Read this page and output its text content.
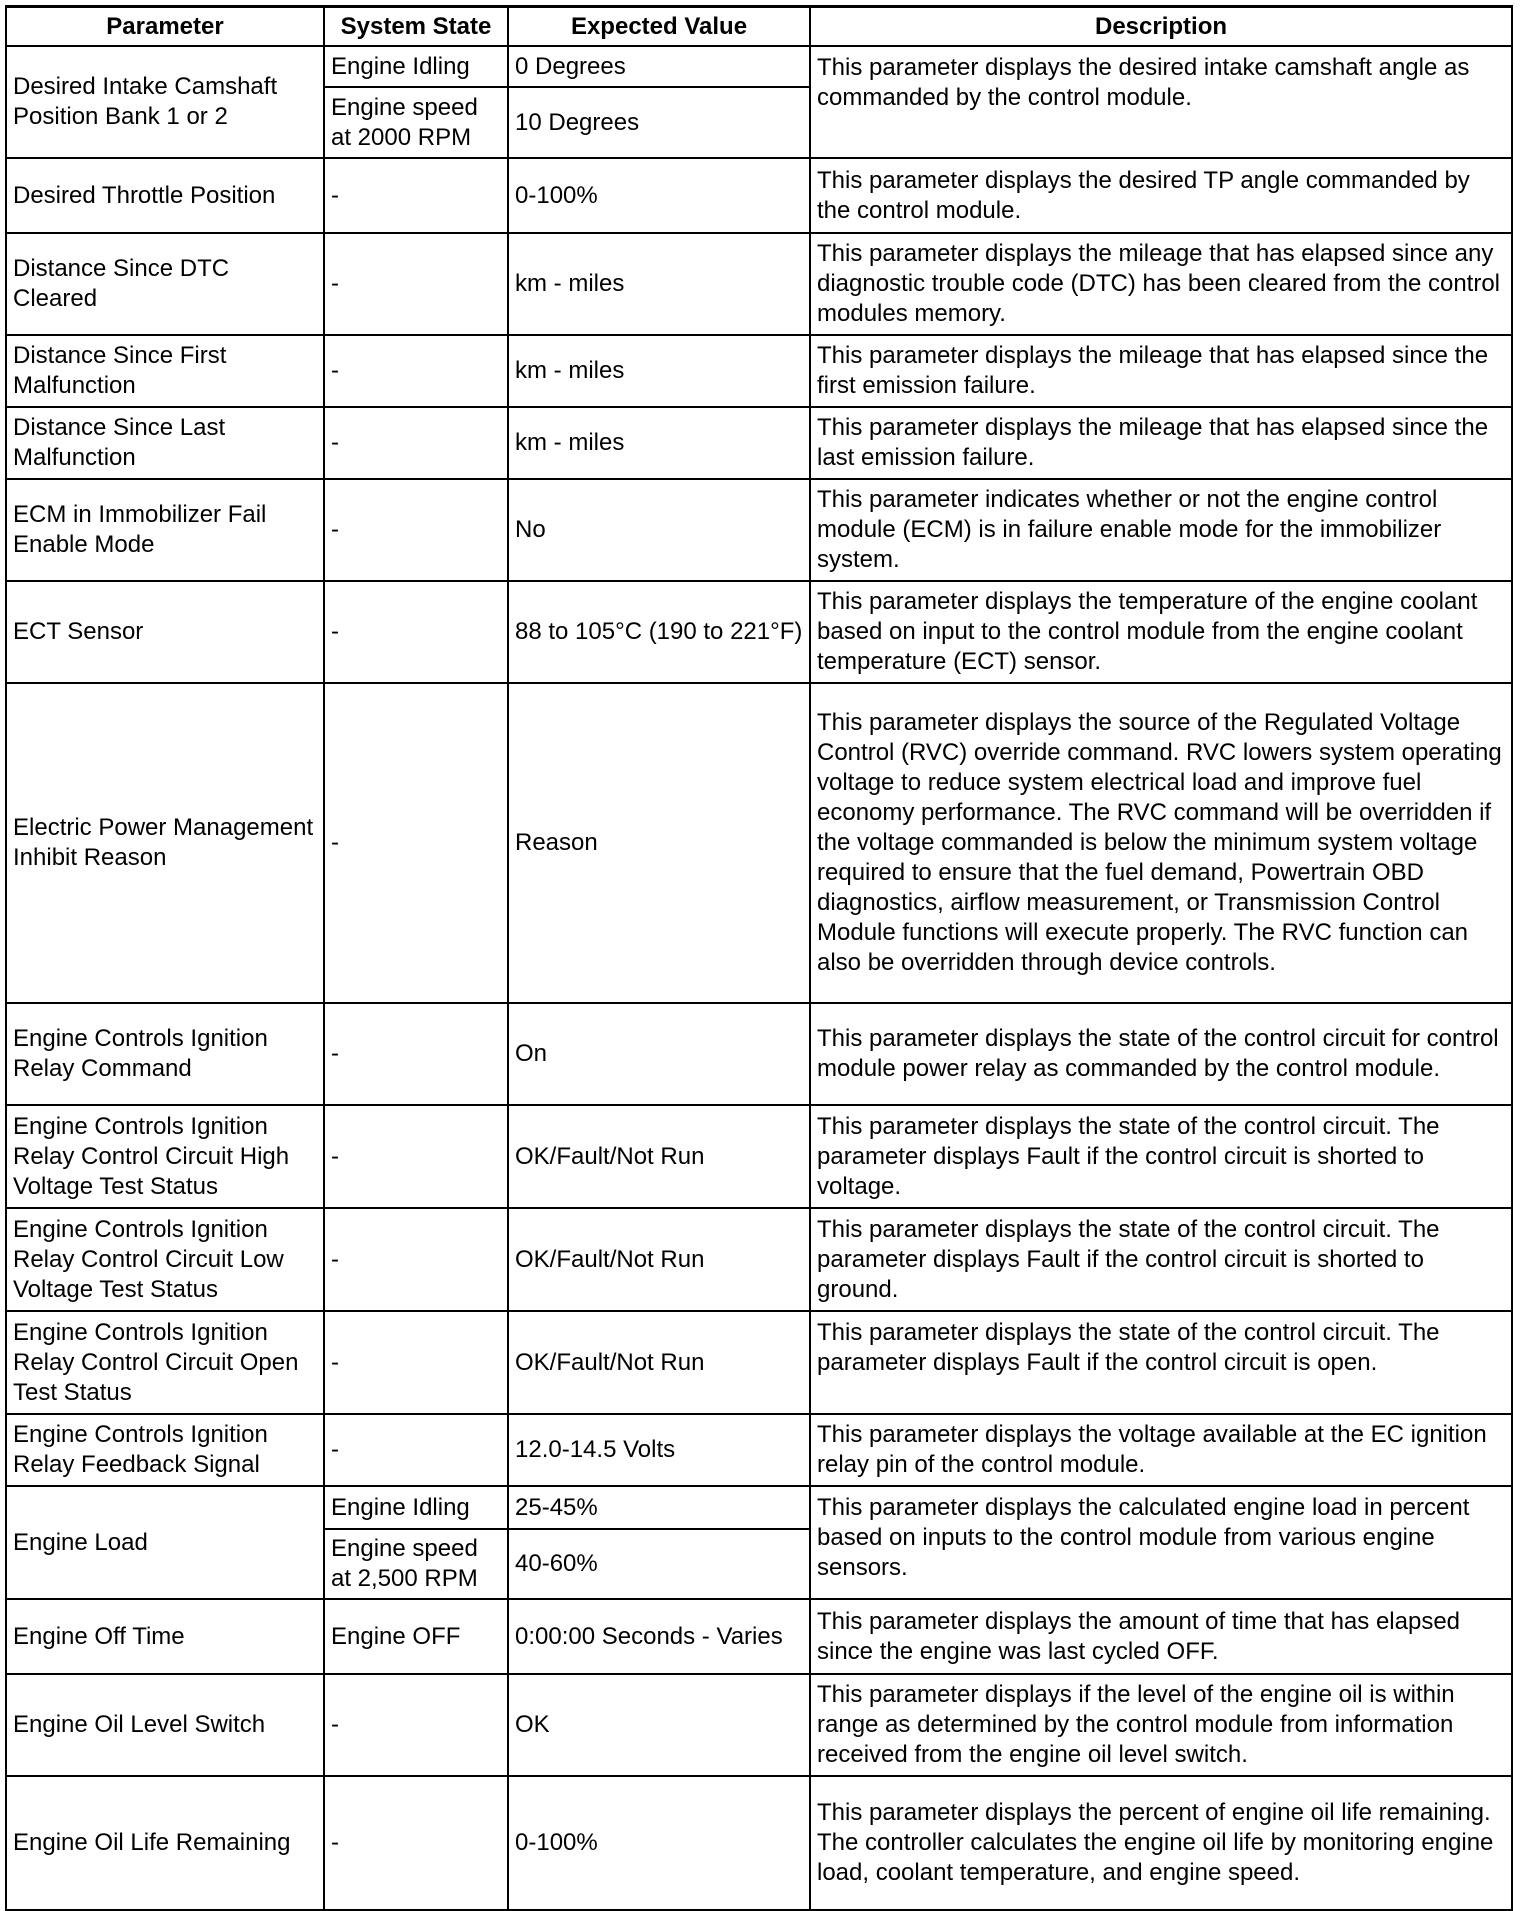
Parameter	System State	Expected Value	Description
Desired Intake Camshaft Position Bank 1 or 2	Engine Idling	0 Degrees	This parameter displays the desired intake camshaft angle as commanded by the control module.
	Engine speed at 2000 RPM	10 Degrees	
Desired Throttle Position	-	0-100%	This parameter displays the desired TP angle commanded by the control module.
Distance Since DTC Cleared	-	km - miles	This parameter displays the mileage that has elapsed since any diagnostic trouble code (DTC) has been cleared from the control modules memory.
Distance Since First Malfunction	-	km - miles	This parameter displays the mileage that has elapsed since the first emission failure.
Distance Since Last Malfunction	-	km - miles	This parameter displays the mileage that has elapsed since the last emission failure.
ECM in Immobilizer Fail Enable Mode	-	No	This parameter indicates whether or not the engine control module (ECM) is in failure enable mode for the immobilizer system.
ECT Sensor	-	88 to 105°C (190 to 221°F)	This parameter displays the temperature of the engine coolant based on input to the control module from the engine coolant temperature (ECT) sensor.
Electric Power Management Inhibit Reason	-	Reason	This parameter displays the source of the Regulated Voltage Control (RVC) override command. RVC lowers system operating voltage to reduce system electrical load and improve fuel economy performance. The RVC command will be overridden if the voltage commanded is below the minimum system voltage required to ensure that the fuel demand, Powertrain OBD diagnostics, airflow measurement, or Transmission Control Module functions will execute properly. The RVC function can also be overridden through device controls.
Engine Controls Ignition Relay Command	-	On	This parameter displays the state of the control circuit for control module power relay as commanded by the control module.
Engine Controls Ignition Relay Control Circuit High Voltage Test Status	-	OK/Fault/Not Run	This parameter displays the state of the control circuit. The parameter displays Fault if the control circuit is shorted to voltage.
Engine Controls Ignition Relay Control Circuit Low Voltage Test Status	-	OK/Fault/Not Run	This parameter displays the state of the control circuit. The parameter displays Fault if the control circuit is shorted to ground.
Engine Controls Ignition Relay Control Circuit Open Test Status	-	OK/Fault/Not Run	This parameter displays the state of the control circuit. The parameter displays Fault if the control circuit is open.
Engine Controls Ignition Relay Feedback Signal	-	12.0-14.5 Volts	This parameter displays the voltage available at the EC ignition relay pin of the control module.
Engine Load	Engine Idling	25-45%	This parameter displays the calculated engine load in percent based on inputs to the control module from various engine sensors.
	Engine speed at 2,500 RPM	40-60%	
Engine Off Time	Engine OFF	0:00:00 Seconds - Varies	This parameter displays the amount of time that has elapsed since the engine was last cycled OFF.
Engine Oil Level Switch	-	OK	This parameter displays if the level of the engine oil is within range as determined by the control module from information received from the engine oil level switch.
Engine Oil Life Remaining	-	0-100%	This parameter displays the percent of engine oil life remaining. The controller calculates the engine oil life by monitoring engine load, coolant temperature, and engine speed.
